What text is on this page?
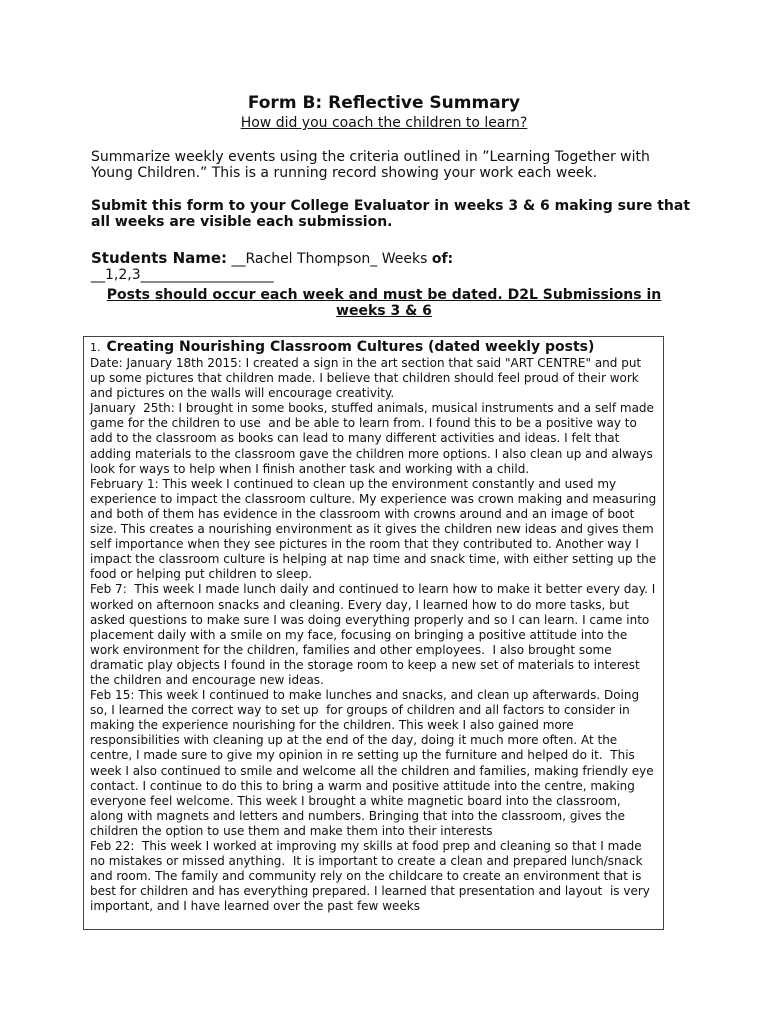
Form B: Reflective Summary
How did you coach the children to learn?
Summarize weekly events using the criteria outlined in ”Learning Together with Young Children.” This is a running record showing your work each week.
Submit this form to your College Evaluator in weeks 3 & 6 making sure that all weeks are visible each submission.
Students Name: __Rachel Thompson_ Weeks of:
__1,2,3___________________
Posts should occur each week and must be dated. D2L Submissions in weeks 3 & 6
1. Creating Nourishing Classroom Cultures (dated weekly posts)

Date: January 18th 2015: I created a sign in the art section that said "ART CENTRE" and put up some pictures that children made. I believe that children should feel proud of their work and pictures on the walls will encourage creativity.

January  25th: I brought in some books, stuffed animals, musical instruments and a self made game for the children to use  and be able to learn from. I found this to be a positive way to add to the classroom as books can lead to many different activities and ideas. I felt that adding materials to the classroom gave the children more options. I also clean up and always look for ways to help when I finish another task and working with a child.

February 1: This week I continued to clean up the environment constantly and used my experience to impact the classroom culture. My experience was crown making and measuring and both of them has evidence in the classroom with crowns around and an image of boot size. This creates a nourishing environment as it gives the children new ideas and gives them self importance when they see pictures in the room that they contributed to. Another way I impact the classroom culture is helping at nap time and snack time, with either setting up the food or helping put children to sleep.

Feb 7:  This week I made lunch daily and continued to learn how to make it better every day. I worked on afternoon snacks and cleaning. Every day, I learned how to do more tasks, but asked questions to make sure I was doing everything properly and so I can learn. I came into placement daily with a smile on my face, focusing on bringing a positive attitude into the work environment for the children, families and other employees.  I also brought some dramatic play objects I found in the storage room to keep a new set of materials to interest the children and encourage new ideas.

Feb 15: This week I continued to make lunches and snacks, and clean up afterwards. Doing so, I learned the correct way to set up  for groups of children and all factors to consider in making the experience nourishing for the children. This week I also gained more responsibilities with cleaning up at the end of the day, doing it much more often. At the centre, I made sure to give my opinion in re setting up the furniture and helped do it.  This week I also continued to smile and welcome all the children and families, making friendly eye contact. I continue to do this to bring a warm and positive attitude into the centre, making everyone feel welcome. This week I brought a white magnetic board into the classroom, along with magnets and letters and numbers. Bringing that into the classroom, gives the children the option to use them and make them into their interests

Feb 22:  This week I worked at improving my skills at food prep and cleaning so that I made no mistakes or missed anything.  It is important to create a clean and prepared lunch/snack and room. The family and community rely on the childcare to create an environment that is best for children and has everything prepared. I learned that presentation and layout  is very important, and I have learned over the past few weeks
